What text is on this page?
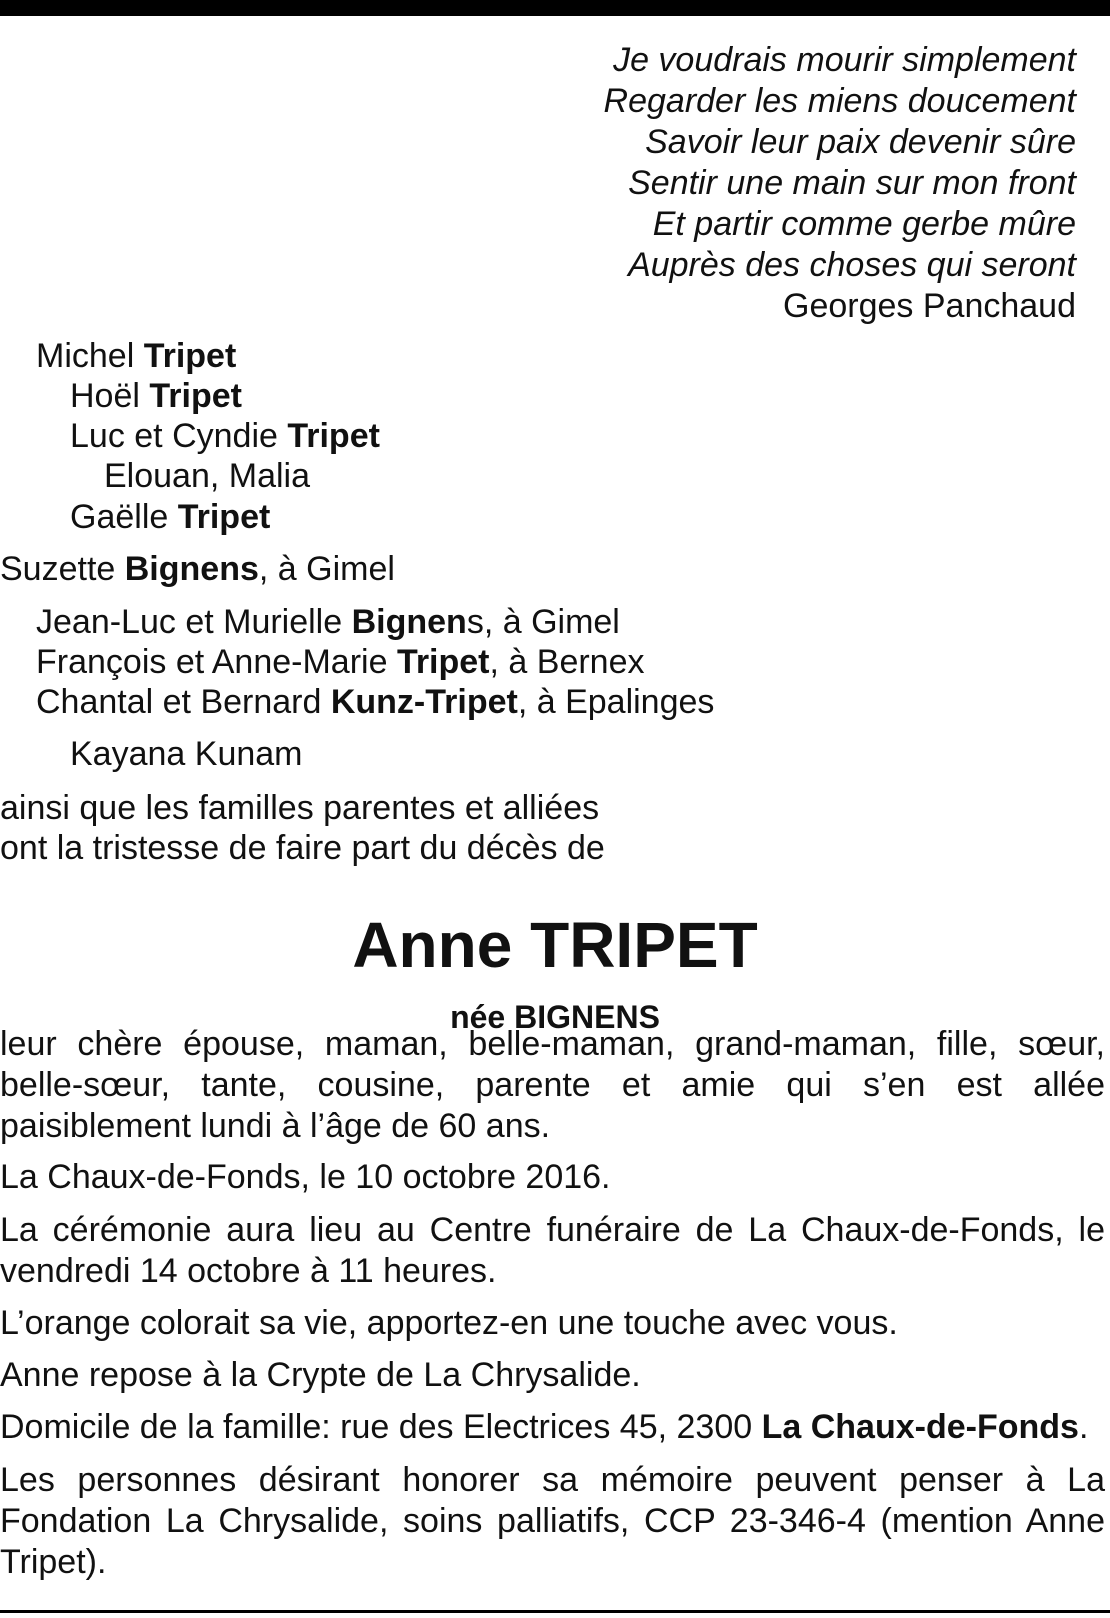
Je voudrais mourir simplement
Regarder les miens doucement
Savoir leur paix devenir sûre
Sentir une main sur mon front
Et partir comme gerbe mûre
Auprès des choses qui seront
Georges Panchaud
Michel Tripet
Hoël Tripet
Luc et Cyndie Tripet
Elouan, Malia
Gaëlle Tripet
Suzette Bignens, à Gimel
Jean-Luc et Murielle Bignens, à Gimel
François et Anne-Marie Tripet, à Bernex
Chantal et Bernard Kunz-Tripet, à Epalinges
Kayana Kunam
ainsi que les familles parentes et alliées
ont la tristesse de faire part du décès de
Anne TRIPET
née BIGNENS
leur chère épouse, maman, belle-maman, grand-maman, fille, sœur, belle-sœur, tante, cousine, parente et amie qui s’en est allée paisiblement lundi à l’âge de 60 ans.
La Chaux-de-Fonds, le 10 octobre 2016.
La cérémonie aura lieu au Centre funéraire de La Chaux-de-Fonds, le vendredi 14 octobre à 11 heures.
L’orange colorait sa vie, apportez-en une touche avec vous.
Anne repose à la Crypte de La Chrysalide.
Domicile de la famille: rue des Electrices 45, 2300 La Chaux-de-Fonds.
Les personnes désirant honorer sa mémoire peuvent penser à La Fondation La Chrysalide, soins palliatifs, CCP 23-346-4 (mention Anne Tripet).
